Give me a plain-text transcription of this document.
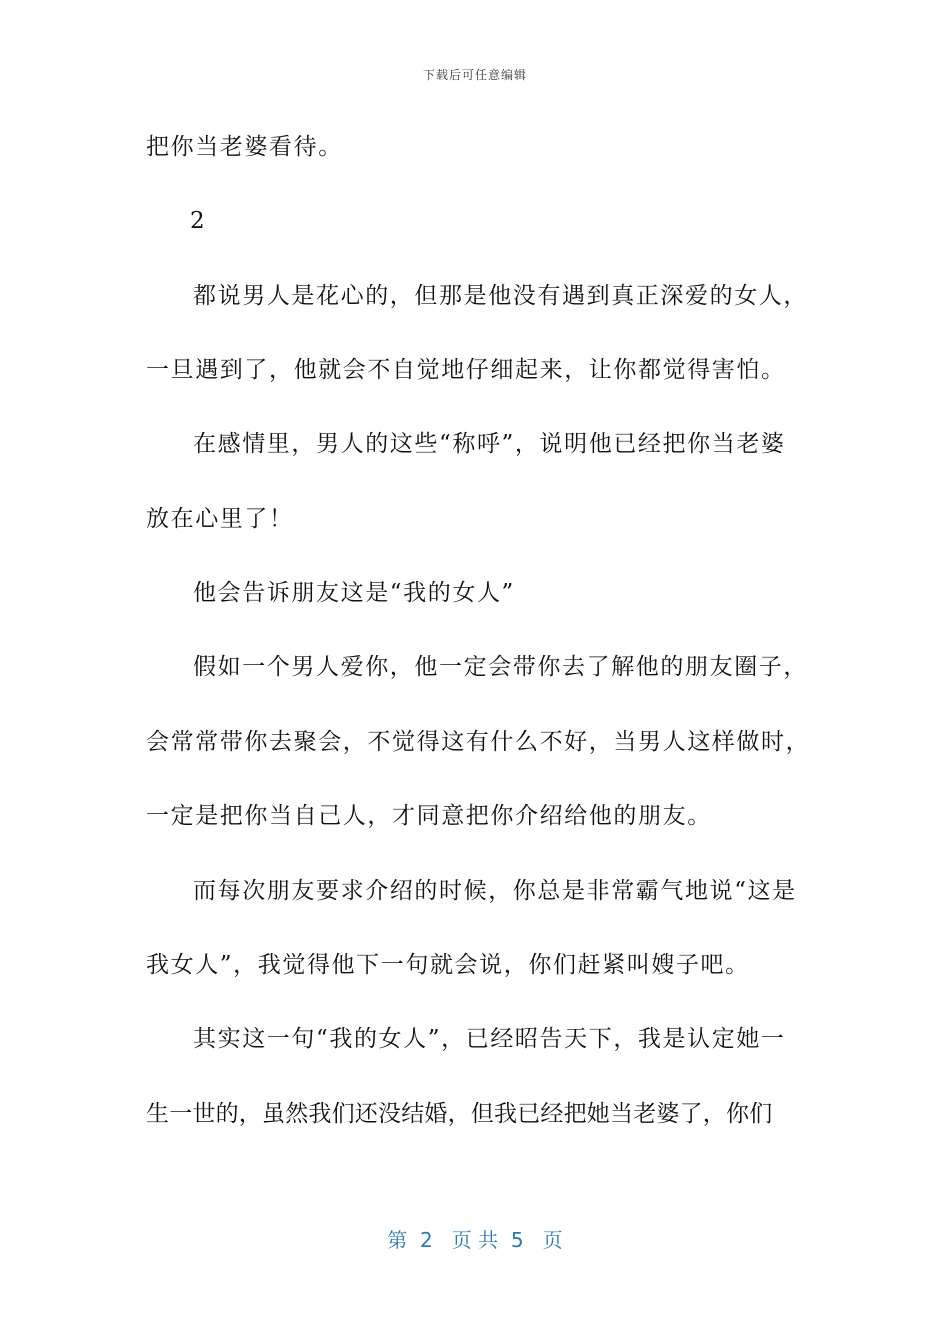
下载后可任意编辑
把你当老婆看待。
2
都说男人是花心的，但那是他没有遇到真正深爱的女人，
一旦遇到了，他就会不自觉地仔细起来，让你都觉得害怕。
在感情里，男人的这些“称呼”，说明他已经把你当老婆
放在心里了！
他会告诉朋友这是“我的女人”
假如一个男人爱你，他一定会带你去了解他的朋友圈子，
会常常带你去聚会，不觉得这有什么不好，当男人这样做时，
一定是把你当自己人，才同意把你介绍给他的朋友。
而每次朋友要求介绍的时候，你总是非常霸气地说“这是
我女人”，我觉得他下一句就会说，你们赶紧叫嫂子吧。
其实这一句“我的女人”，已经昭告天下，我是认定她一
生一世的，虽然我们还没结婚，但我已经把她当老婆了，你们
第  2   页 共  5   页
